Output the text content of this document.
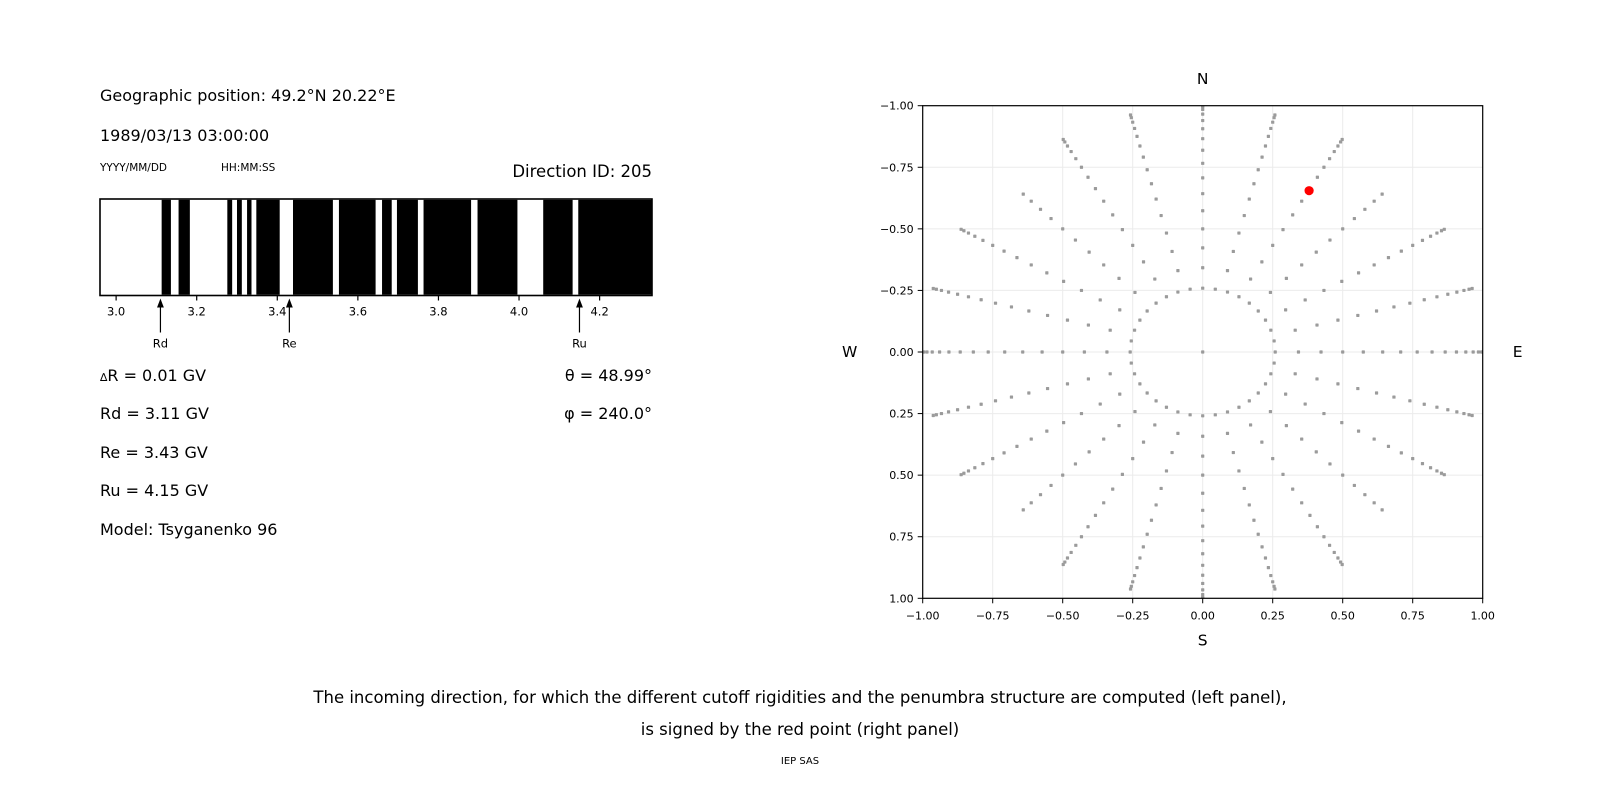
Geographic position: 49.2°N 20.22°E
1989/03/13 03:00:00
YYYY/MM/DD	HH:MM:SS	Direction ID: 205
3.0	3.2	3.4	3.6	3.8	4.0	4.2
Rd	Re	Ru
∆R = 0.01 GV
Rd = 3.11 GV
Re = 3.43 GV
Ru = 4.15 GV
Model: Tsyganenko 96
θ = 48.99°
φ = 240.0°
−1.00	−0.75	−0.50	−0.25	0.00	0.25	0.50	0.75	1.00
1.00
0.75
0.50
0.25
0.00
−0.25
−0.50
−0.75
−1.00
N
S
W	E
The incoming direction, for which the different cutoff rigidities and the penumbra structure are computed (left panel),
is signed by the red point (right panel)
IEP SAS
